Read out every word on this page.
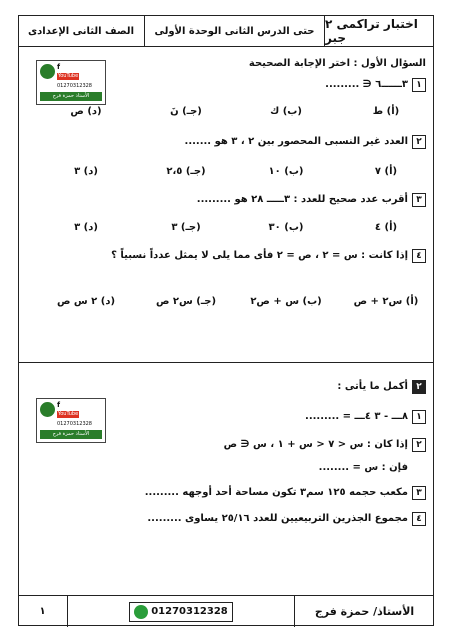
اختبار تراكمى ٢ جبر
حتى الدرس الثانى الوحدة الأولى
الصف الثانى الإعدادى
f
YouTube
01270312328
الأستاذ حمزة فرج
السؤال الأول : اختر الإجابة الصحيحة
١٣ــــــ٦ ∈ .........
(أ) ط
(ب) ك
(جـ) نَ
(د) ص
٢العدد غير النسبى المحصور بين ٢ ، ٣ هو .......
(أ) ٧
(ب) ١٠
(جـ) ٢،٥
(د) ٣
٣أقرب عدد صحيح للعدد : ٣ـــــ ٢٨ هو .........
(أ) ٤
(ب) ٣٠
(جـ) ٣
(د) ٣
٤إذا كانت : س = ٢ ، ص = ٢ فأى مما يلى لا يمثل عدداً نسبياً ؟
(أ) س٢ + ص
(ب) س + ص٢
(جـ) س٢ ص
(د) ٢ س ص
٢أكمل ما يأتى :
f
YouTube
01270312328
الأستاذ حمزة فرج
١٨ـــ - ٣ ٤ـــ = .........
٢إذا كان : س < ٧ < س + ١ ، س ∈ ص
فإن : س = ........
٣مكعب حجمه ١٢٥ سم٣ تكون مساحة أحد أوجهه .........
٤مجموع الجذرين التربيعيين للعدد ٢٥/١٦ يساوى .........
الأستاذ/ حمزة فرج
01270312328
١
